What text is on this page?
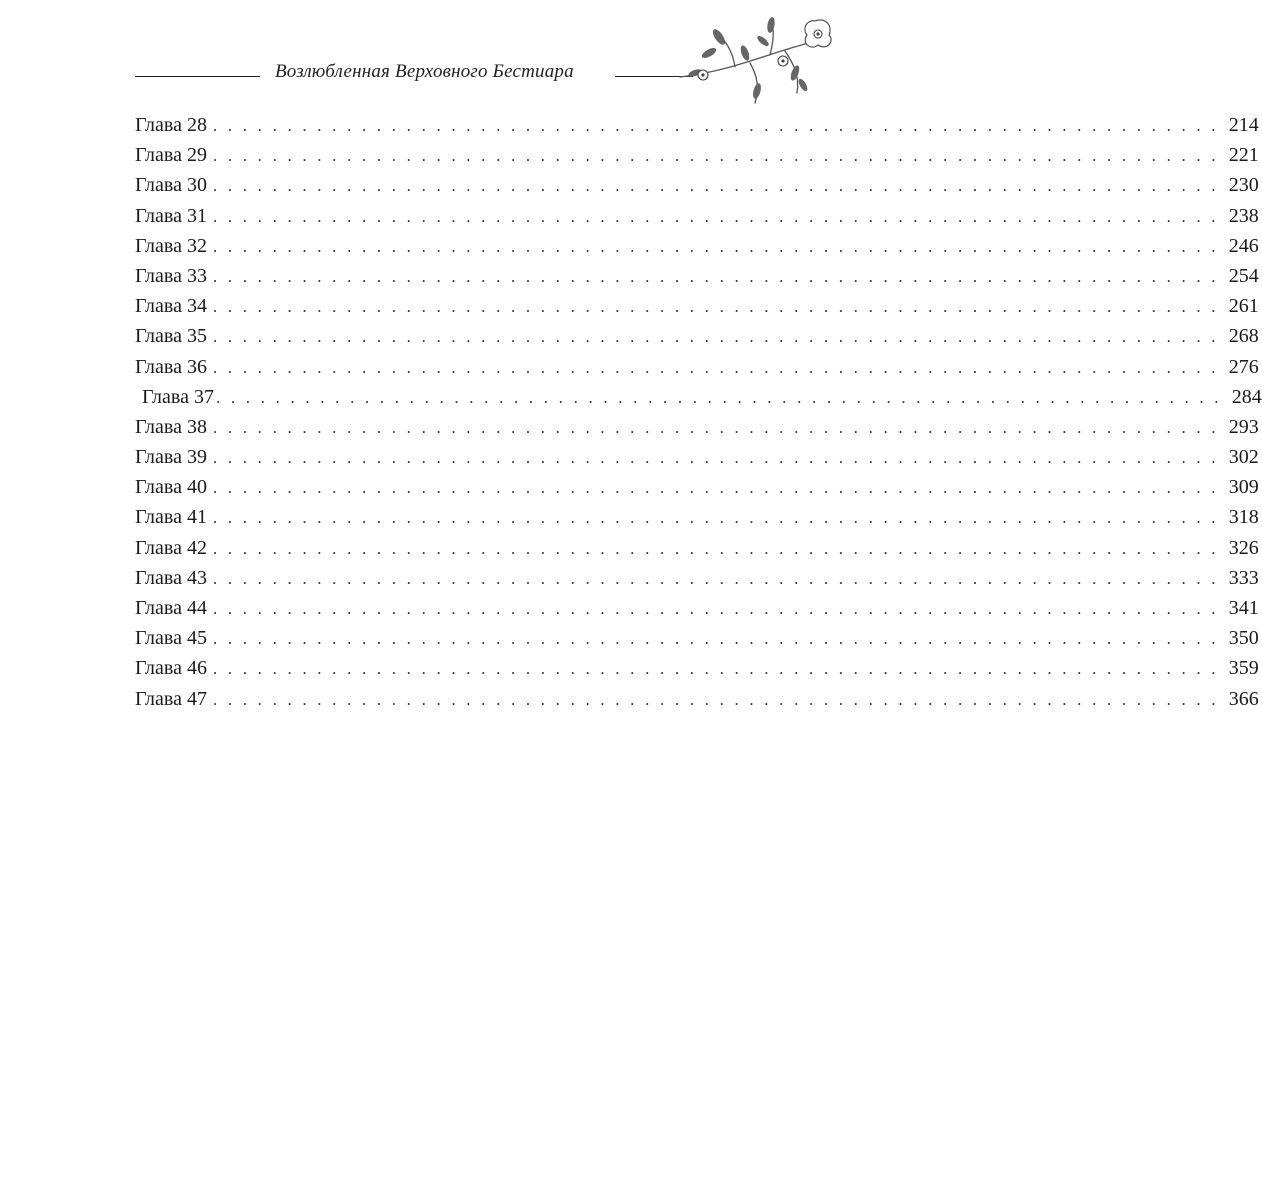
Возлюбленная Верховного Бестиара
Глава 28 . . . . . . . . . . . . . . . . . . . . . . . . . . . . . . . . . . . . . . . . . . . . . . . . . . . . . . . . . . . . . . . . . . . . 214
Глава 29 . . . . . . . . . . . . . . . . . . . . . . . . . . . . . . . . . . . . . . . . . . . . . . . . . . . . . . . . . . . . . . . . . . . . 221
Глава 30 . . . . . . . . . . . . . . . . . . . . . . . . . . . . . . . . . . . . . . . . . . . . . . . . . . . . . . . . . . . . . . . . . . . . 230
Глава 31 . . . . . . . . . . . . . . . . . . . . . . . . . . . . . . . . . . . . . . . . . . . . . . . . . . . . . . . . . . . . . . . . . . . . 238
Глава 32 . . . . . . . . . . . . . . . . . . . . . . . . . . . . . . . . . . . . . . . . . . . . . . . . . . . . . . . . . . . . . . . . . . . . 246
Глава 33 . . . . . . . . . . . . . . . . . . . . . . . . . . . . . . . . . . . . . . . . . . . . . . . . . . . . . . . . . . . . . . . . . . . . 254
Глава 34 . . . . . . . . . . . . . . . . . . . . . . . . . . . . . . . . . . . . . . . . . . . . . . . . . . . . . . . . . . . . . . . . . . . . 261
Глава 35 . . . . . . . . . . . . . . . . . . . . . . . . . . . . . . . . . . . . . . . . . . . . . . . . . . . . . . . . . . . . . . . . . . . . 268
Глава 36 . . . . . . . . . . . . . . . . . . . . . . . . . . . . . . . . . . . . . . . . . . . . . . . . . . . . . . . . . . . . . . . . . . . . 276
Глава 37 . . . . . . . . . . . . . . . . . . . . . . . . . . . . . . . . . . . . . . . . . . . . . . . . . . . . . . . . . . . . . . . . . . . . 284
Глава 38 . . . . . . . . . . . . . . . . . . . . . . . . . . . . . . . . . . . . . . . . . . . . . . . . . . . . . . . . . . . . . . . . . . . . 293
Глава 39 . . . . . . . . . . . . . . . . . . . . . . . . . . . . . . . . . . . . . . . . . . . . . . . . . . . . . . . . . . . . . . . . . . . . 302
Глава 40 . . . . . . . . . . . . . . . . . . . . . . . . . . . . . . . . . . . . . . . . . . . . . . . . . . . . . . . . . . . . . . . . . . . . 309
Глава 41 . . . . . . . . . . . . . . . . . . . . . . . . . . . . . . . . . . . . . . . . . . . . . . . . . . . . . . . . . . . . . . . . . . . . 318
Глава 42 . . . . . . . . . . . . . . . . . . . . . . . . . . . . . . . . . . . . . . . . . . . . . . . . . . . . . . . . . . . . . . . . . . . . 326
Глава 43 . . . . . . . . . . . . . . . . . . . . . . . . . . . . . . . . . . . . . . . . . . . . . . . . . . . . . . . . . . . . . . . . . . . . 333
Глава 44 . . . . . . . . . . . . . . . . . . . . . . . . . . . . . . . . . . . . . . . . . . . . . . . . . . . . . . . . . . . . . . . . . . . . 341
Глава 45 . . . . . . . . . . . . . . . . . . . . . . . . . . . . . . . . . . . . . . . . . . . . . . . . . . . . . . . . . . . . . . . . . . . . 350
Глава 46 . . . . . . . . . . . . . . . . . . . . . . . . . . . . . . . . . . . . . . . . . . . . . . . . . . . . . . . . . . . . . . . . . . . . 359
Глава 47 . . . . . . . . . . . . . . . . . . . . . . . . . . . . . . . . . . . . . . . . . . . . . . . . . . . . . . . . . . . . . . . . . . . . 366
